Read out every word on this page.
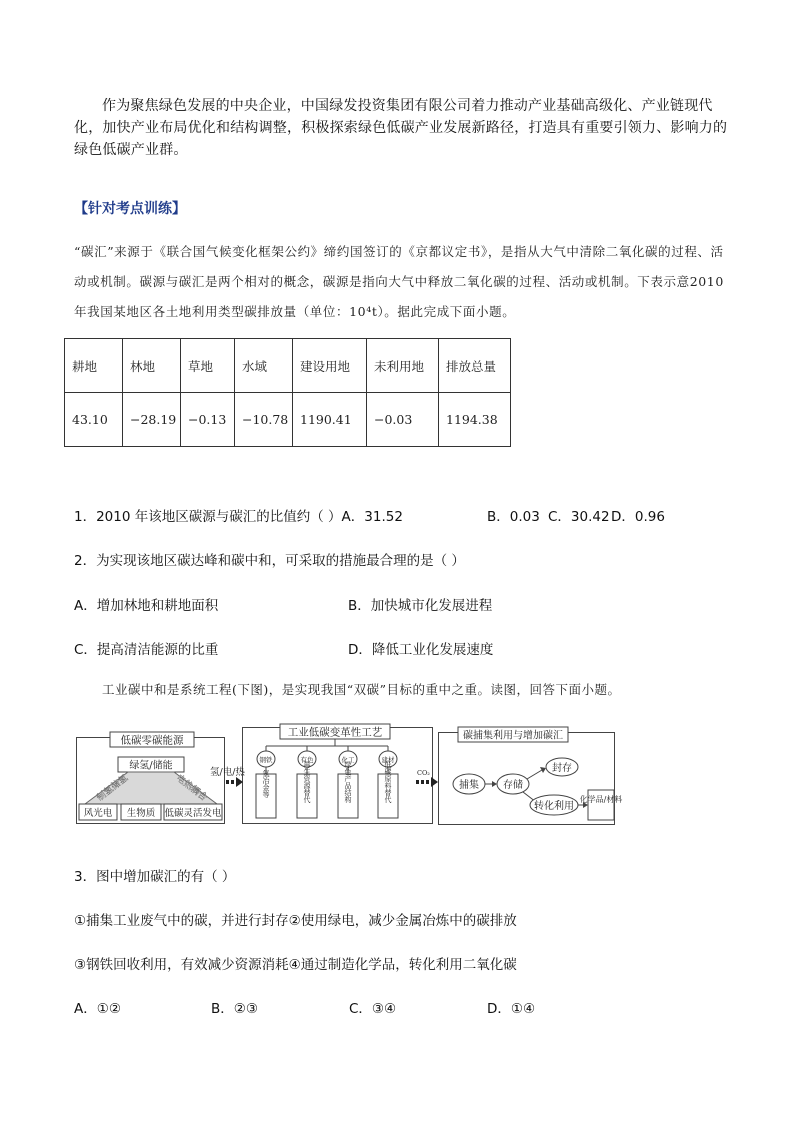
作为聚焦绿色发展的中央企业，中国绿发投资集团有限公司着力推动产业基础高级化、产业链现代化，加快产业布局优化和结构调整，积极探索绿色低碳产业发展新路径，打造具有重要引领力、影响力的绿色低碳产业群。
【针对考点训练】
“碳汇”来源于《联合国气候变化框架公约》缔约国签订的《京都议定书》，是指从大气中清除二氧化碳的过程、活动或机制。碳源与碳汇是两个相对的概念，碳源是指向大气中释放二氧化碳的过程、活动或机制。下表示意2010年我国某地区各土地利用类型碳排放量（单位：10⁴t）。据此完成下面小题。
耕地	林地	草地	水域	建设用地	未利用地	排放总量
43.10	−28.19	−0.13	−10.78	1190.41	−0.03	1194.38
1．2010 年该地区碳源与碳汇的比值约（ ）A．31.52	B．0.03 C．30.42 D．0.96
2．为实现该地区碳达峰和碳中和，可采取的措施最合理的是（ ）
A．增加林地和耕地面积	B．加快城市化发展进程
C．提高清洁能源的比重	D．降低工业化发展速度
工业碳中和是系统工程(下图)，是实现我国“双碳”目标的重中之重。读图，回答下面小题。
低碳零碳能源
绿氢/储能
制氢储氢	电热耦合
风光电 生物质 低碳灵活发电
氢/电/热
工业低碳变革性工艺
钢铁	有色	化工	建材
氢冶金等	再生资源替代	绿色产品结构	低碳原料替代	CO₂
碳捕集利用与增加碳汇
捕集 存储
封存
转化利用
化学品/材料
3．图中增加碳汇的有（ ）
①捕集工业废气中的碳，并进行封存②使用绿电，减少金属冶炼中的碳排放
③钢铁回收利用，有效减少资源消耗④通过制造化学品，转化利用二氧化碳
A．①②	B．②③	C．③④	D．①④
